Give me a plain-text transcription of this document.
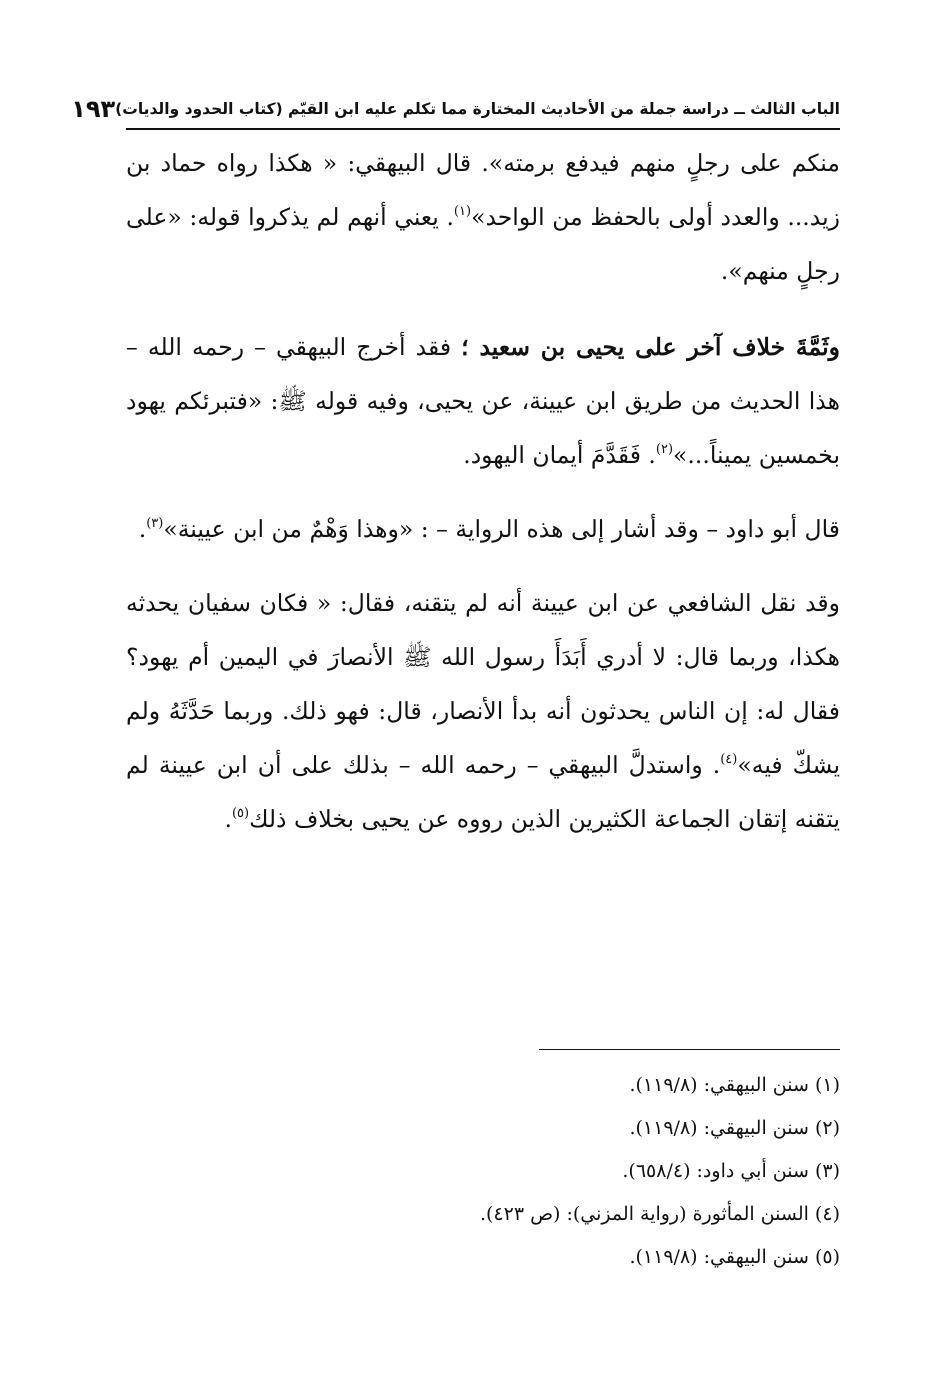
الباب الثالث ــ دراسة جملة من الأحاديث المختارة مما تكلم عليه ابن القيّم (كتاب الحدود والديات)
١٩٣

منكم على رجلٍ منهم فيدفع برمته». قال البيهقي: « هكذا رواه حماد بن زيد... والعدد أولى بالحفظ من الواحد»$^{(١)}$. يعني أنهم لم يذكروا قوله: «على رجلٍ منهم».

وثَمَّةَ خلاف آخر على يحيى بن سعيد ؛ فقد أخرج البيهقي – رحمه الله – هذا الحديث من طريق ابن عيينة، عن يحيى، وفيه قوله ﷺ: «فتبرئكم يهود بخمسين يميناً...»$^{(٢)}$. فَقَدَّمَ أيمان اليهود.

قال أبو داود – وقد أشار إلى هذه الرواية – : «وهذا وَهْمٌ من ابن عيينة»$^{(٣)}$.

وقد نقل الشافعي عن ابن عيينة أنه لم يتقنه، فقال: « فكان سفيان يحدثه هكذا، وربما قال: لا أدري أَبَدَأَ رسول الله ﷺ الأنصارَ في اليمين أم يهود؟ فقال له: إن الناس يحدثون أنه بدأ الأنصار، قال: فهو ذلك. وربما حَدَّثَهُ ولم يشكّ فيه»$^{(٤)}$. واستدلَّ البيهقي – رحمه الله – بذلك على أن ابن عيينة لم يتقنه إتقان الجماعة الكثيرين الذين رووه عن يحيى بخلاف ذلك$^{(٥)}$.

(١) سنن البيهقي: (١١٩/٨).

(٢) سنن البيهقي: (١١٩/٨).

(٣) سنن أبي داود: (٦٥٨/٤).

(٤) السنن المأثورة (رواية المزني): (ص ٤٢٣).

(٥) سنن البيهقي: (١١٩/٨).
